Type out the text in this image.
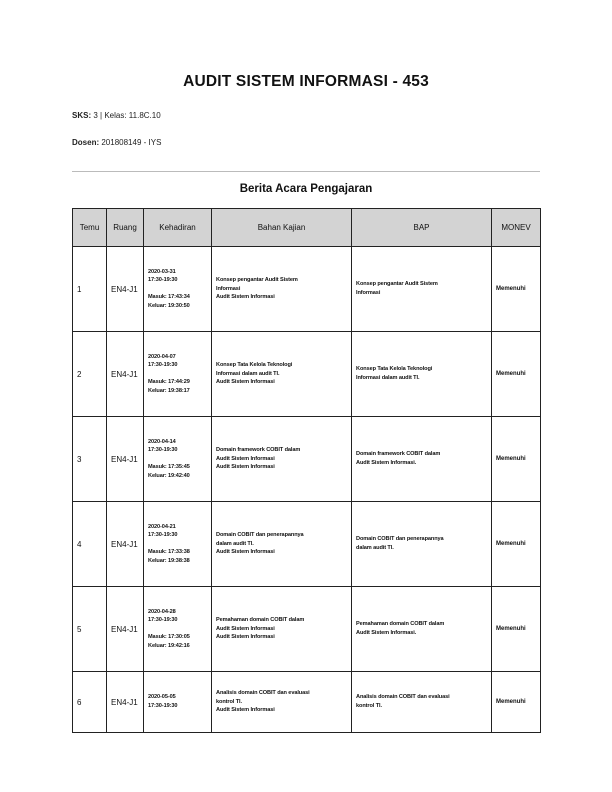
AUDIT SISTEM INFORMASI - 453
SKS: 3 | Kelas: 11.8C.10
Dosen: 201808149 - IYS
Berita Acara Pengajaran
Temu	Ruang	Kehadiran	Bahan Kajian	BAP	MONEV
1	EN4-J1	2020-03-31
17:30-19:30
Masuk: 17:43:34
Keluar: 19:30:50	Konsep pengantar Audit Sistem
Informasi
Audit Sistem Informasi	Konsep pengantar Audit Sistem
Informasi	Memenuhi
2	EN4-J1	2020-04-07
17:30-19:30
Masuk: 17:44:29
Keluar: 19:38:17	Konsep Tata Kelola Teknologi
Informasi dalam audit TI.
Audit Sistem Informasi	Konsep Tata Kelola Teknologi
Informasi dalam audit TI.	Memenuhi
3	EN4-J1	2020-04-14
17:30-19:30
Masuk: 17:35:45
Keluar: 19:42:40	Domain framework COBIT dalam
Audit Sistem Informasi
Audit Sistem Informasi	Domain framework COBIT dalam
Audit Sistem Informasi.	Memenuhi
4	EN4-J1	2020-04-21
17:30-19:30
Masuk: 17:33:38
Keluar: 19:38:38	Domain COBIT dan penerapannya
dalam audit TI.
Audit Sistem Informasi	Domain COBIT dan penerapannya
dalam audit TI.	Memenuhi
5	EN4-J1	2020-04-28
17:30-19:30
Masuk: 17:30:05
Keluar: 19:42:16	Pemahaman domain COBIT dalam
Audit Sistem Informasi
Audit Sistem Informasi	Pemahaman domain COBIT dalam
Audit Sistem Informasi.	Memenuhi
6	EN4-J1	2020-05-05
17:30-19:30	Analisis domain COBIT dan evaluasi
kontrol TI.
Audit Sistem Informasi	Analisis domain COBIT dan evaluasi
kontrol TI.	Memenuhi
